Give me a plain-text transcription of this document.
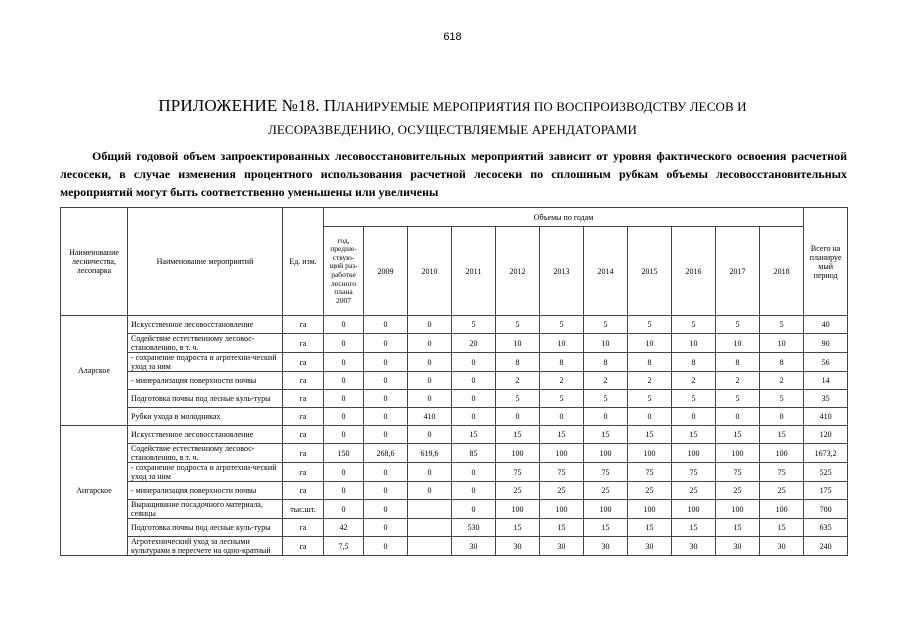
618
ПРИЛОЖЕНИЕ №18. ПЛАНИРУЕМЫЕ МЕРОПРИЯТИЯ ПО ВОСПРОИЗВОДСТВУ ЛЕСОВ И
ЛЕСОРАЗВЕДЕНИЮ, ОСУЩЕСТВЛЯЕМЫЕ АРЕНДАТОРАМИ
Общий годовой объем запроектированных лесовосстановительных мероприятий зависит от уровня фактического освоения расчетной лесосеки, в случае изменения процентного использования расчетной лесосеки по сплошным рубкам объемы лесовосстановительных мероприятий могут быть соответственно уменьшены или увеличены
Наименование лесничества, лесопарка	Наименование мероприятий	Ед. изм.	Объемы по годам											Всего на планируе мый период
			год, предше-ствую-щий раз-работке лесного плана 2007	2009	2010	2011	2012	2013	2014	2015	2016	2017	2018	
Аларское	Искусственное лесовосстановление	га	0	0	0	5	5	5	5	5	5	5	5	40
	Содействие естественному лесовос-становлению, в т. ч.	га	0	0	0	20	10	10	10	10	10	10	10	90
	- сохранение подроста и агротехни-ческий уход за ним	га	0	0	0	0	8	8	8	8	8	8	8	56
	- минерализация поверхности почвы	га	0	0	0	0	2	2	2	2	2	2	2	14
	Подготовка почвы под лесные куль-туры	га	0	0	0	0	5	5	5	5	5	5	5	35
	Рубки ухода в молодняках	га	0	0	410	0	0	0	0	0	0	0	0	410
Ангарское	Искусственное лесовосстановление	га	0	0	0	15	15	15	15	15	15	15	15	120
	Содействие естественному лесовос-становлению, в т. ч.	га	150	268,6	619,6	85	100	100	100	100	100	100	100	1673,2
	- сохранение подроста и агротехни-ческий уход за ним	га	0	0	0	0	75	75	75	75	75	75	75	525
	- минерализация поверхности почвы	га	0	0	0	0	25	25	25	25	25	25	25	175
	Выращивание посадочного материала, сеянцы	тыс.шт.	0	0		0	100	100	100	100	100	100	100	700
	Подготовка почвы под лесные куль-туры	га	42	0		530	15	15	15	15	15	15	15	635
	Агротехнический уход за лесными культурами в пересчете на одно-кратный	га	7,5	0		30	30	30	30	30	30	30	30	240
